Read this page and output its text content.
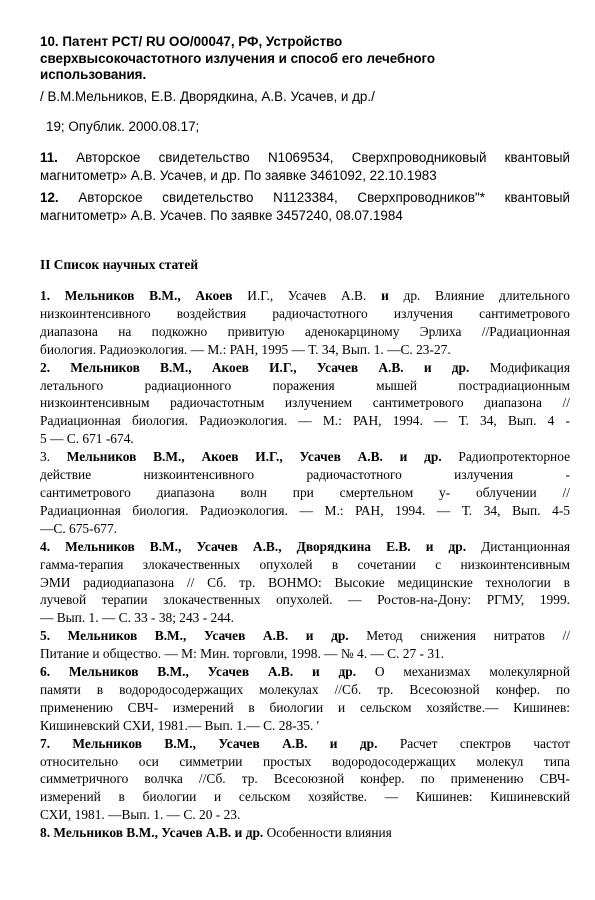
10. Патент PCT/ RU OO/00047, РФ, Устройство
сверхвысокочастотного излучения и способ его лечебного
использования.
/ В.М.Мельников, Е.В. Дворядкина, А.В. Усачев, и др./
19; Опублик. 2000.08.17;
11. Авторское свидетельство N1069534, Сверхпроводниковый квантовый
магнитометр» А.В. Усачев, и др. По заявке 3461092, 22.10.1983
12. Авторское свидетельство N1123384, Сверхпроводников"* квантовый
магнитометр» А.В. Усачев. По заявке 3457240, 08.07.1984
II Список научных статей
1. Мельников В.М., Акоев И.Г., Усачев А.В. и др. Влияние длительного
низкоинтенсивного воздействия радиочастотного излучения сантиметрового
диапазона на подкожно привитую аденокарциному Эрлиха //Радиационная
биология. Радиоэкология. — М.: РАН, 1995 — Т. 34, Вып. 1. —С. 23-27.
2. Мельников В.М., Акоев И.Г., Усачев А.В. и др. Модификация
летального радиационного поражения мышей пострадиационным
низкоинтенсивным радиочастотным излучением сантиметрового диапазона //
Радиационная биология. Радиоэкология. — М.: РАН, 1994. — Т. 34, Вып. 4 -
5 — С. 671 -674.
3. Мельников В.М., Акоев И.Г., Усачев А.В. и др. Радиопротекторное
действие низкоинтенсивного радиочастотного излучения -
сантиметрового диапазона волн при смертельном у- облучении //
Радиационная биология. Радиоэкология. — М.: РАН, 1994. — Т. 34, Вып. 4-5
—С. 675-677.
4. Мельников В.М., Усачев А.В., Дворядкина Е.В. и др. Дистанционная
гамма-терапия злокачественных опухолей в сочетании с низкоинтенсивным
ЭМИ радиодиапазона // Сб. тр. ВОНМО: Высокие медицинские технологии в
лучевой терапии злокачественных опухолей. — Ростов-на-Дону: РГМУ, 1999.
— Вып. 1. — С. 33 - 38; 243 - 244.
5. Мельников В.М., Усачев А.В. и др. Метод снижения нитратов //
Питание и общество. — М: Мин. торговли, 1998. — № 4. — С. 27 - 31.
6. Мельников В.М., Усачев А.В. и др. О механизмах молекулярной
памяти в водородосодержащих молекулах //Сб. тр. Всесоюзной конфер. по
применению СВЧ- измерений в биологии и сельском хозяйстве.— Кишинев:
Кишиневский СХИ, 1981.— Вып. 1.— С. 28-35. '
7. Мельников В.М., Усачев А.В. и др. Расчет спектров частот
относительно оси симметрии простых водородосодержащих молекул типа
симметричного волчка //Сб. тр. Всесоюзной конфер. по применению СВЧ-
измерений в биологии и сельском хозяйстве. — Кишинев: Кишиневский
СХИ, 1981. —Вып. 1. — С. 20 - 23.
8. Мельников В.М., Усачев А.В. и др. Особенности влияния
